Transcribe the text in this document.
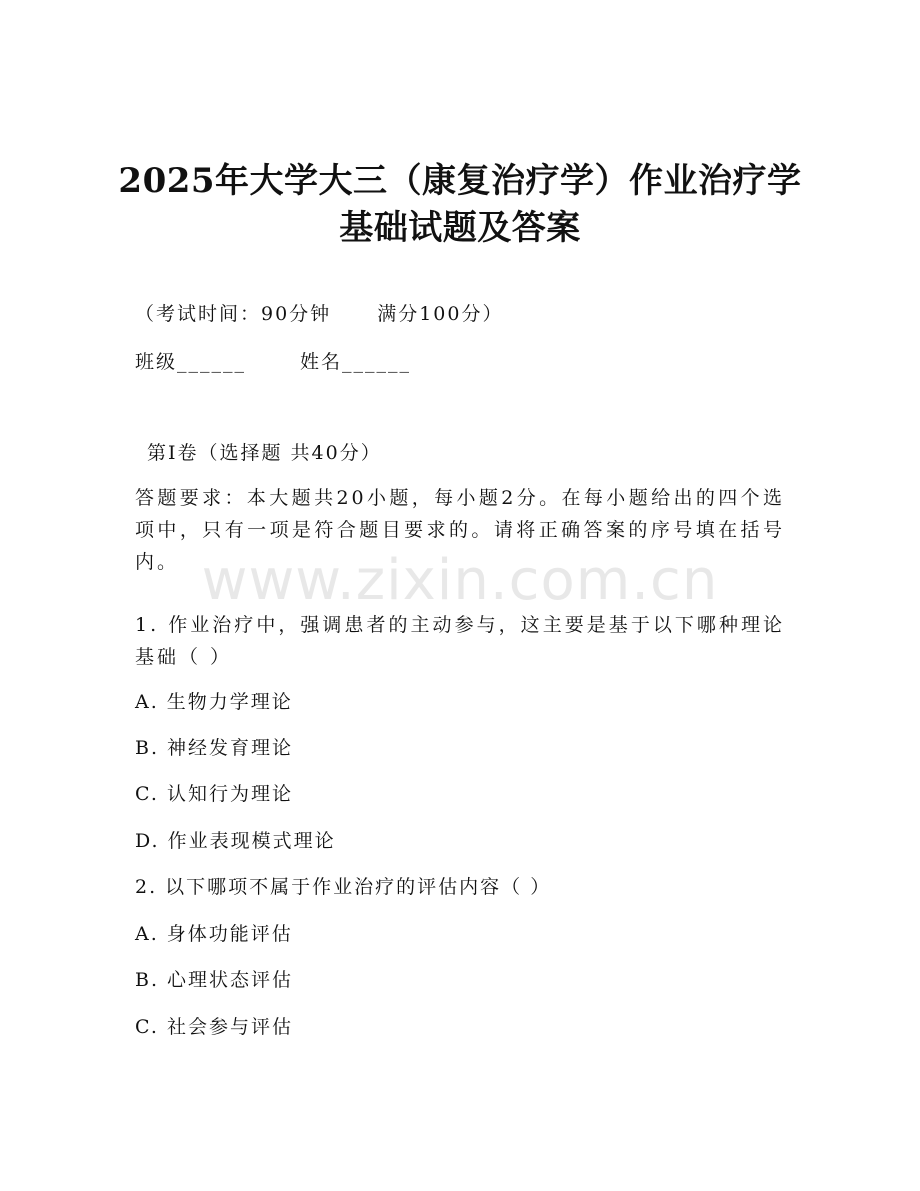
2025年大学大三（康复治疗学）作业治疗学
基础试题及答案
（考试时间：90分钟 满分100分）
班级______	姓名______
第Ⅰ卷（选择题 共40分）
答题要求：本大题共20小题，每小题2分。在每小题给出的四个选项中，只有一项是符合题目要求的。请将正确答案的序号填在括号内。 www.zixin.com.cn
1. 作业治疗中，强调患者的主动参与，这主要是基于以下哪种理论基础（ ）
A. 生物力学理论
B. 神经发育理论
C. 认知行为理论
D. 作业表现模式理论
2. 以下哪项不属于作业治疗的评估内容（ ）
A. 身体功能评估
B. 心理状态评估
C. 社会参与评估
